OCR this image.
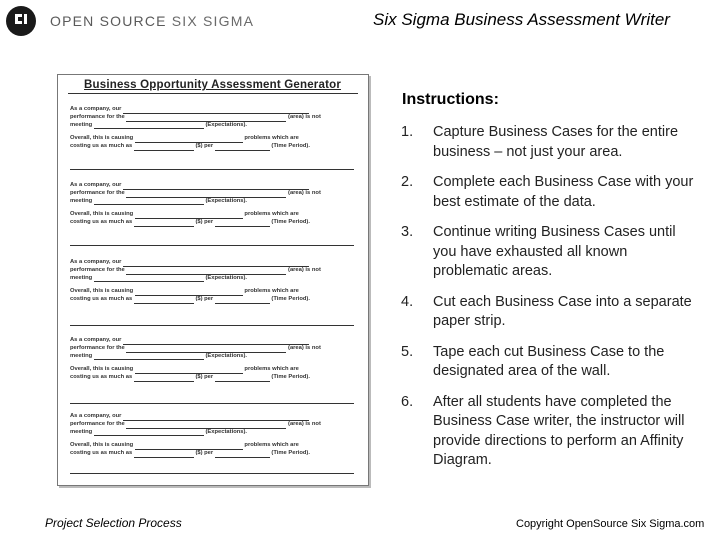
OPEN SOURCE SIX SIGMA	Six Sigma Business Assessment Writer
Business Opportunity Assessment Generator
As a company, our
performance for the	(area) is not
meeting	(Expectations).
Overall, this is causing	problems which are
costing us as much as	($) per	(Time Period).
As a company, our
performance for the	(area) is not
meeting	(Expectations).
Overall, this is causing	problems which are
costing us as much as	($) per	(Time Period).
As a company, our
performance for the	(area) is not
meeting	(Expectations).
Overall, this is causing	problems which are
costing us as much as	($) per	(Time Period).
As a company, our
performance for the	(area) is not
meeting	(Expectations).
Overall, this is causing	problems which are
costing us as much as	($) per	(Time Period).
As a company, our
performance for the	(area) is not
meeting	(Expectations).
Overall, this is causing	problems which are
costing us as much as	($) per	(Time Period).
Instructions:
1.	Capture Business Cases for the entire business – not just your area.
2.	Complete each Business Case with your best estimate of the data.
3.	Continue writing Business Cases until you have exhausted all known problematic areas.
4.	Cut each Business Case into a separate paper strip.
5.	Tape each cut Business Case to the designated area of the wall.
6.	After all students have completed the Business Case writer, the instructor will provide directions to perform an Affinity Diagram.
Project Selection Process	Copyright OpenSource Six Sigma.com
